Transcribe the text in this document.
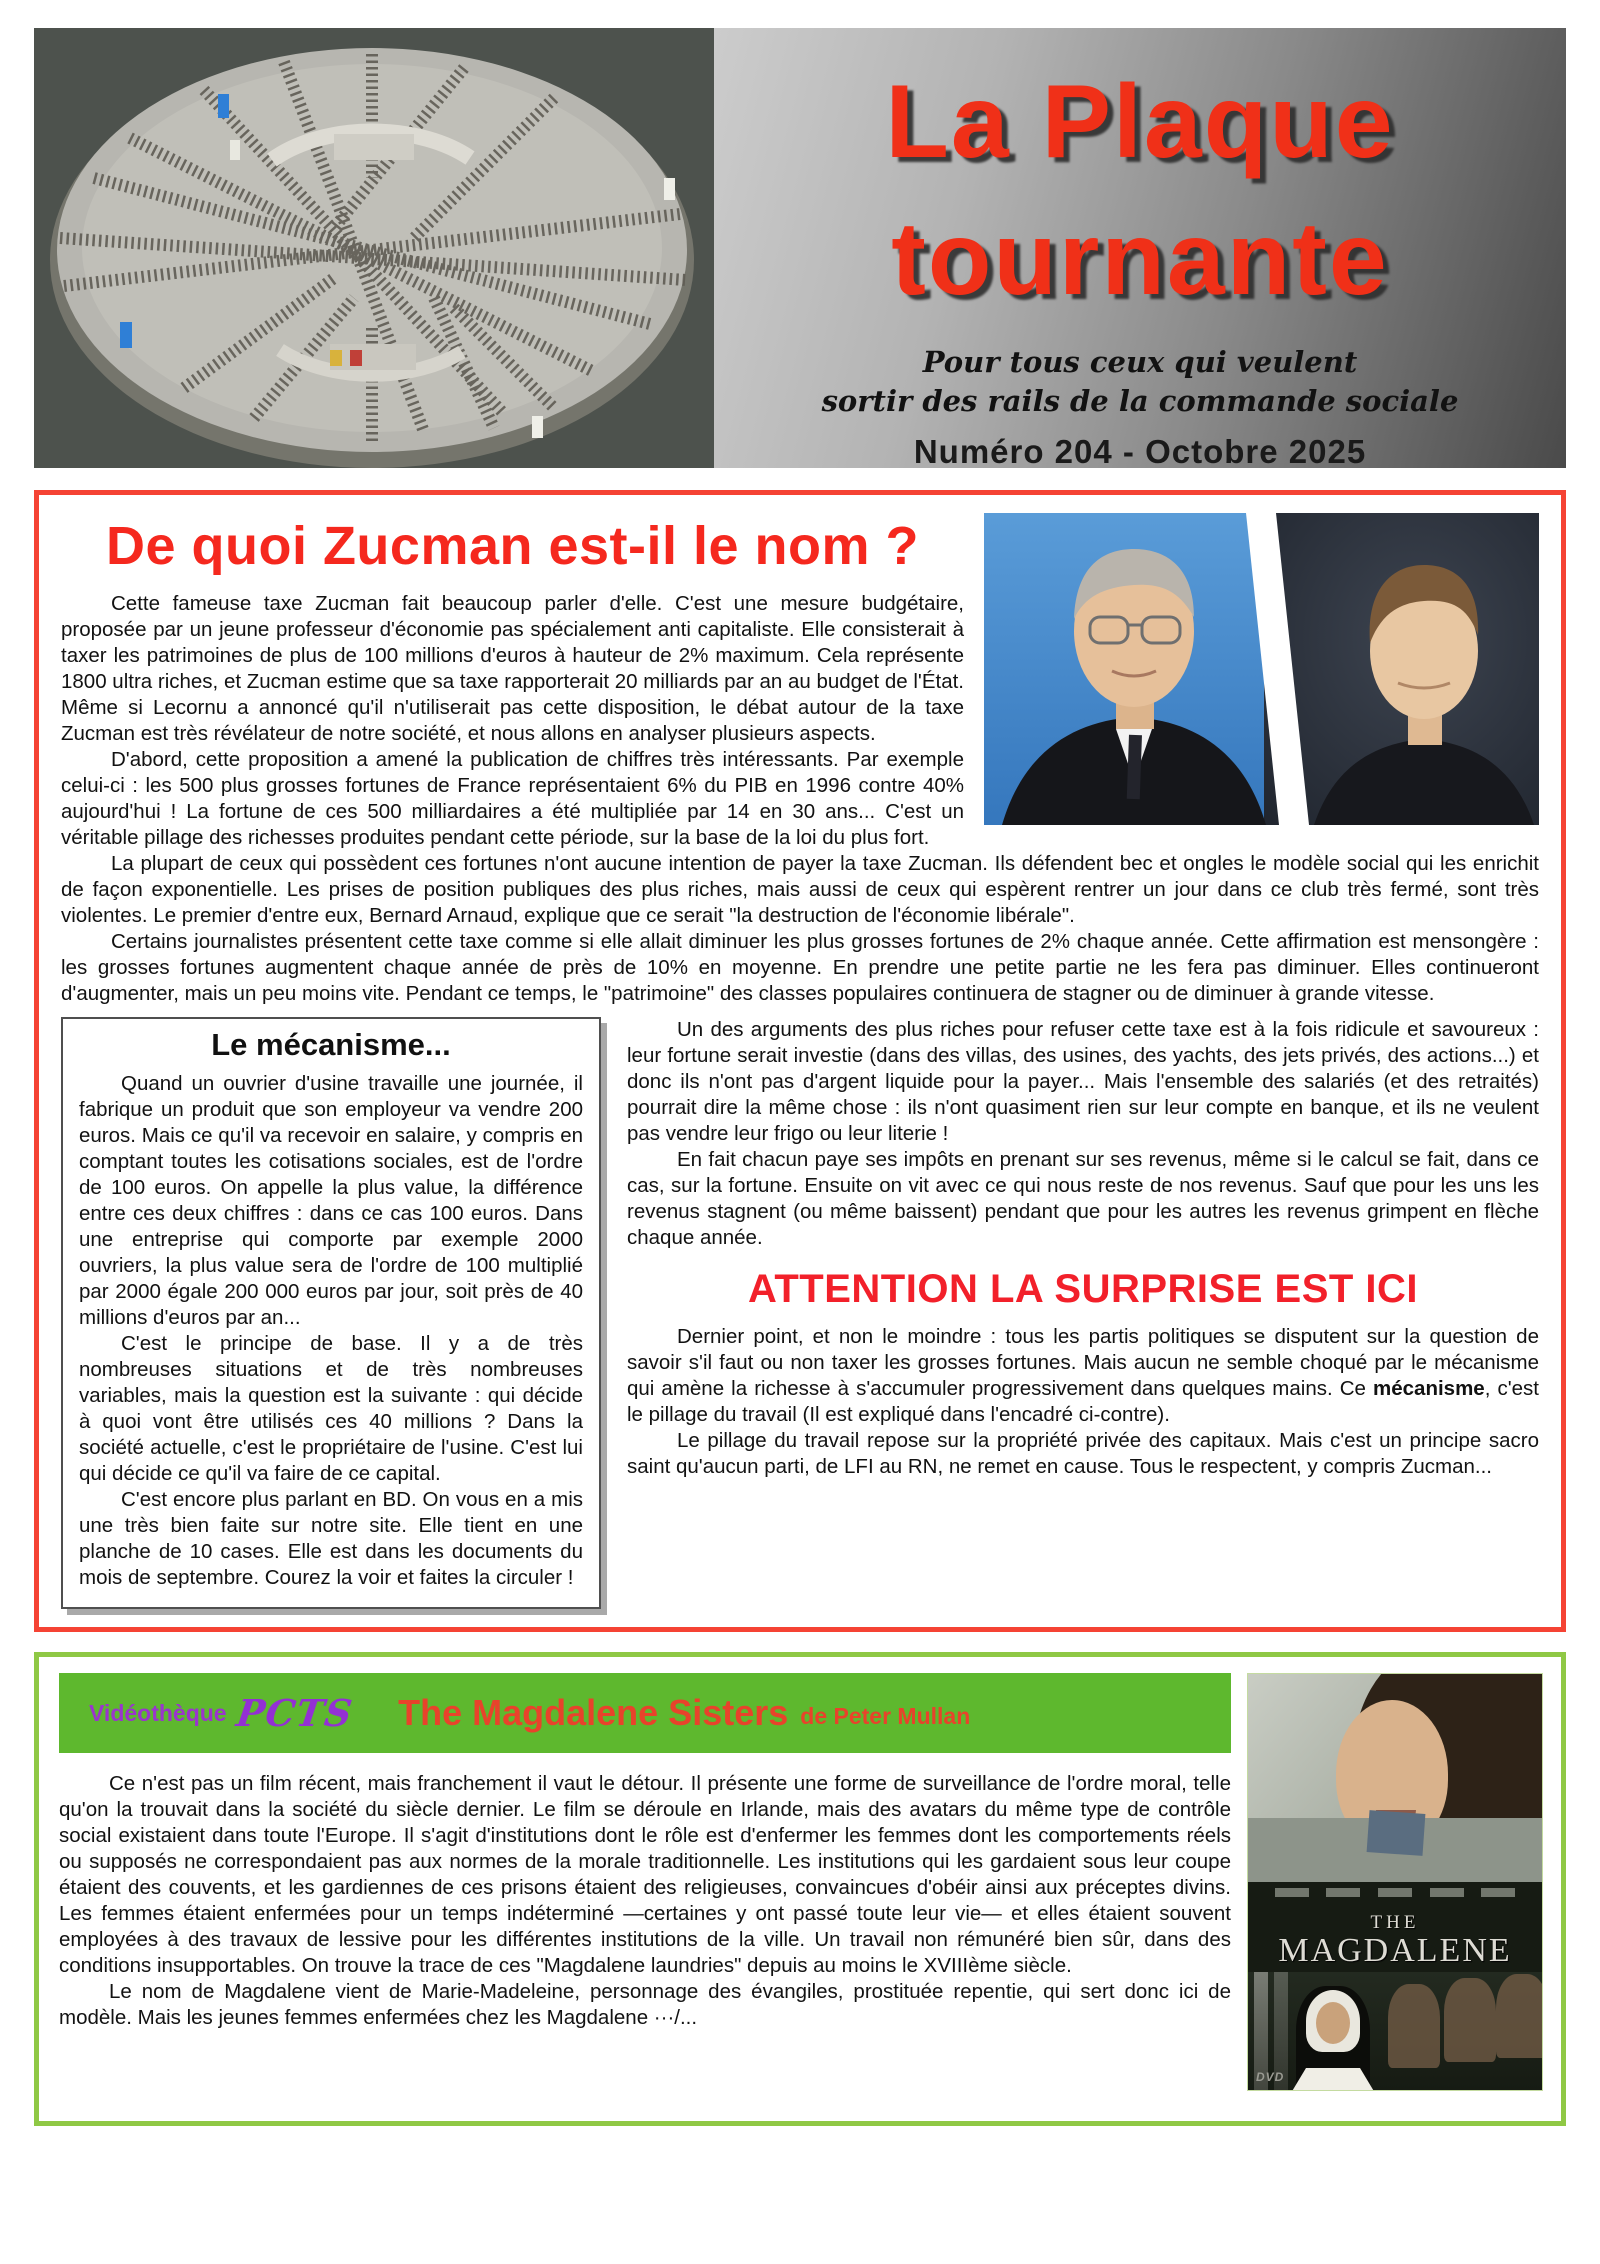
La Plaque
tournante
Pour tous ceux qui veulent
sortir des rails de la commande sociale
Numéro 204 - Octobre 2025
De quoi Zucman est-il le nom ?

Cette fameuse taxe Zucman fait beaucoup parler d'elle. C'est une mesure budgétaire, proposée par un jeune professeur d'économie pas spécialement anti capitaliste. Elle consisterait à taxer les patrimoines de plus de 100 millions d'euros à hauteur de 2% maximum. Cela représente 1800 ultra riches, et Zucman estime que sa taxe rapporterait 20 milliards par an au budget de l'État. Même si Lecornu a annoncé qu'il n'utiliserait pas cette disposition, le débat autour de la taxe Zucman est très révélateur de notre société, et nous allons en analyser plusieurs aspects.

D'abord, cette proposition a amené la publication de chiffres très intéressants. Par exemple celui-ci : les 500 plus grosses fortunes de France représentaient 6% du PIB en 1996 contre 40% aujourd'hui ! La fortune de ces 500 milliardaires a été multipliée par 14 en 30 ans... C'est un véritable pillage des richesses produites pendant cette période, sur la base de la loi du plus fort.

La plupart de ceux qui possèdent ces fortunes n'ont aucune intention de payer la taxe Zucman. Ils défendent bec et ongles le modèle social qui les enrichit de façon exponentielle. Les prises de position publiques des plus riches, mais aussi de ceux qui espèrent rentrer un jour dans ce club très fermé, sont très violentes. Le premier d'entre eux, Bernard Arnaud, explique que ce serait "la destruction de l'économie libérale".

Certains journalistes présentent cette taxe comme si elle allait diminuer les plus grosses fortunes de 2% chaque année. Cette affirmation est mensongère : les grosses fortunes augmentent chaque année de près de 10% en moyenne. En prendre une petite partie ne les fera pas diminuer. Elles continueront d'augmenter, mais un peu moins vite. Pendant ce temps, le "patrimoine" des classes populaires continuera de stagner ou de diminuer à grande vitesse.

Le mécanisme...

Quand un ouvrier d'usine travaille une journée, il fabrique un produit que son employeur va vendre 200 euros. Mais ce qu'il va recevoir en salaire, y compris en comptant toutes les cotisations sociales, est de l'ordre de 100 euros. On appelle la plus value, la différence entre ces deux chiffres : dans ce cas 100 euros. Dans une entreprise qui comporte par exemple 2000 ouvriers, la plus value sera de l'ordre de 100 multiplié par 2000 égale 200 000 euros par jour, soit près de 40 millions d'euros par an...

C'est le principe de base. Il y a de très nombreuses situations et de très nombreuses variables, mais la question est la suivante : qui décide à quoi vont être utilisés ces 40 millions ? Dans la société actuelle, c'est le propriétaire de l'usine. C'est lui qui décide ce qu'il va faire de ce capital.

C'est encore plus parlant en BD. On vous en a mis une très bien faite sur notre site. Elle tient en une planche de 10 cases. Elle est dans les documents du mois de septembre. Courez la voir et faites la circuler !

Un des arguments des plus riches pour refuser cette taxe est à la fois ridicule et savoureux : leur fortune serait investie (dans des villas, des usines, des yachts, des jets privés, des actions...) et donc ils n'ont pas d'argent liquide pour la payer... Mais l'ensemble des salariés (et des retraités) pourrait dire la même chose : ils n'ont quasiment rien sur leur compte en banque, et ils ne veulent pas vendre leur frigo ou leur literie !

En fait chacun paye ses impôts en prenant sur ses revenus, même si le calcul se fait, dans ce cas, sur la fortune. Ensuite on vit avec ce qui nous reste de nos revenus. Sauf que pour les uns les revenus stagnent (ou même baissent) pendant que pour les autres les revenus grimpent en flèche chaque année.

ATTENTION LA SURPRISE EST ICI

Dernier point, et non le moindre : tous les partis politiques se disputent sur la question de savoir s'il faut ou non taxer les grosses fortunes. Mais aucun ne semble choqué par le mécanisme qui amène la richesse à s'accumuler progressivement dans quelques mains. Ce mécanisme, c'est le pillage du travail (Il est expliqué dans l'encadré ci-contre).

Le pillage du travail repose sur la propriété privée des capitaux. Mais c'est un principe sacro saint qu'aucun parti, de LFI au RN, ne remet en cause. Tous le respectent, y compris Zucman...

THE
MAGDALENE
DVD
Vidéothèque PCTS The Magdalene Sisters de Peter Mullan

Ce n'est pas un film récent, mais franchement il vaut le détour. Il présente une forme de surveillance de l'ordre moral, telle qu'on la trouvait dans la société du siècle dernier. Le film se déroule en Irlande, mais des avatars du même type de contrôle social existaient dans toute l'Europe. Il s'agit d'institutions dont le rôle est d'enfermer les femmes dont les comportements réels ou supposés ne correspondaient pas aux normes de la morale traditionnelle. Les institutions qui les gardaient sous leur coupe étaient des couvents, et les gardiennes de ces prisons étaient des religieuses, convaincues d'obéir ainsi aux préceptes divins. Les femmes étaient enfermées pour un temps indéterminé —certaines y ont passé toute leur vie— et elles étaient souvent employées à des travaux de lessive pour les différentes institutions de la ville. Un travail non rémunéré bien sûr, dans des conditions insupportables. On trouve la trace de ces "Magdalene laundries" depuis au moins le XVIIIème siècle.

Le nom de Magdalene vient de Marie-Madeleine, personnage des évangiles, prostituée repentie, qui sert donc ici de modèle. Mais les jeunes femmes enfermées chez les Magdalene ···/...
